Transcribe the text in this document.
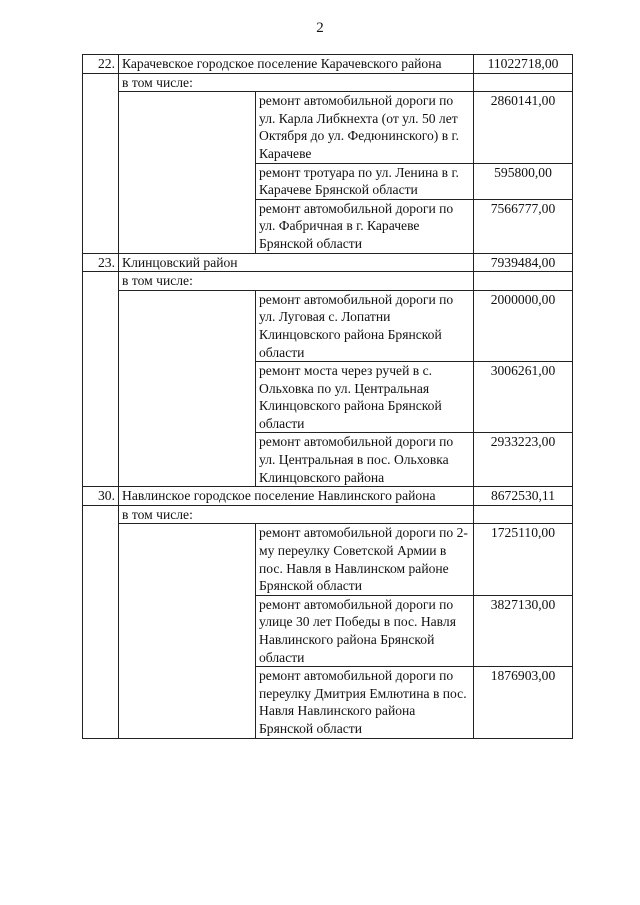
2
22.	Карачевское городское поселение Карачевского района		11022718,00
	в том числе:		
		ремонт автомобильной дороги по ул. Карла Либкнехта (от ул. 50 лет Октября до ул. Федюнинского) в г. Карачеве	2860141,00
		ремонт тротуара по ул. Ленина в г. Карачеве Брянской области	595800,00
		ремонт автомобильной дороги по ул. Фабричная в г. Карачеве Брянской области	7566777,00
23.	Клинцовский район		7939484,00
	в том числе:		
		ремонт автомобильной дороги по ул. Луговая с. Лопатни Клинцовского района Брянской области	2000000,00
		ремонт моста через ручей в с. Ольховка по ул. Центральная Клинцовского района Брянской области	3006261,00
		ремонт автомобильной дороги по ул. Центральная в пос. Ольховка Клинцовского района	2933223,00
30.	Навлинское городское поселение Навлинского района		8672530,11
	в том числе:		
		ремонт автомобильной дороги по 2-му переулку Советской Армии в пос. Навля в Навлинском районе Брянской области	1725110,00
		ремонт автомобильной дороги по улице 30 лет Победы в пос. Навля Навлинского района Брянской области	3827130,00
		ремонт автомобильной дороги по переулку Дмитрия Емлютина в пос. Навля Навлинского района Брянской области	1876903,00
